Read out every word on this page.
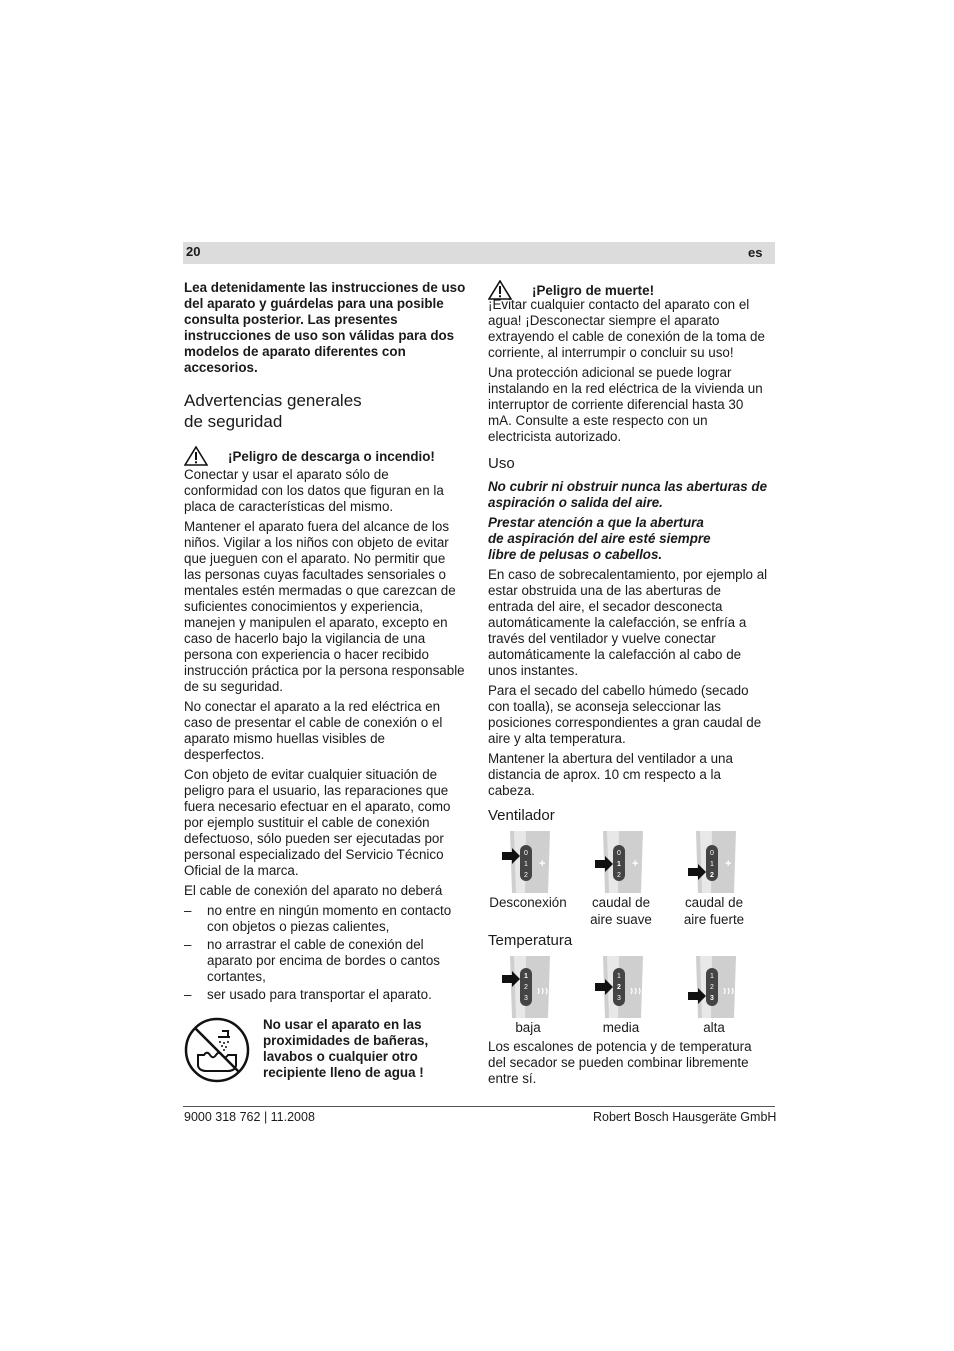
20	es

Lea detenidamente las instrucciones de uso del aparato y guárdelas para una posible consulta posterior. Las presentes instrucciones de uso son válidas para dos modelos de aparato diferentes con accesorios.

Advertencias generales
de seguridad
¡Peligro de descarga o incendio!

Conectar y usar el aparato sólo de conformidad con los datos que figuran en la placa de características del mismo.

Mantener el aparato fuera del alcance de los niños. Vigilar a los niños con objeto de evitar que jueguen con el aparato. No permitir que las personas cuyas facultades sensoriales o mentales estén mermadas o que carezcan de suficientes conocimientos y experiencia, manejen y manipulen el aparato, excepto en caso de hacerlo bajo la vigilancia de una persona con experiencia o hacer recibido instrucción práctica por la persona responsable de su seguridad.

No conectar el aparato a la red eléctrica en caso de presentar el cable de conexión o el aparato mismo huellas visibles de desperfectos.

Con objeto de evitar cualquier situación de peligro para el usuario, las reparaciones que fuera necesario efectuar en el aparato, como por ejemplo sustituir el cable de conexión defectuoso, sólo pueden ser ejecutadas por personal especializado del Servicio Técnico Oficial de la marca.

El cable de conexión del aparato no deberá

– no entre en ningún momento en contacto con objetos o piezas calientes,
– no arrastrar el cable de conexión del aparato por encima de bordes o cantos cortantes,
– ser usado para transportar el aparato.
No usar el aparato en las proximidades de bañeras, lavabos o cualquier otro recipiente lleno de agua !
¡Peligro de muerte!

¡Evitar cualquier contacto del aparato con el agua! ¡Desconectar siempre el aparato extrayendo el cable de conexión de la toma de corriente, al interrumpir o concluir su uso!

Una protección adicional se puede lograr instalando en la red eléctrica de la vivienda un interruptor de corriente diferencial hasta 30 mA. Consulte a este respecto con un electricista autorizado.

Uso

No cubrir ni obstruir nunca las aberturas de aspiración o salida del aire.

Prestar atención a que la abertura de aspiración del aire esté siempre libre de pelusas o cabellos.

En caso de sobrecalentamiento, por ejemplo al estar obstruida una de las aberturas de entrada del aire, el secador desconecta automáticamente la calefacción, se enfría a través del ventilador y vuelve conectar automáticamente la calefacción al cabo de unos instantes.

Para el secado del cabello húmedo (secado con toalla), se aconseja seleccionar las posiciones correspondientes a gran caudal de aire y alta temperatura.

Mantener la abertura del ventilador a una distancia de aprox. 10 cm respecto a la cabeza.

Ventilador
0
1
2
+
Desconexión
0
1
2
+
caudal de aire suave
0
1
2
+
caudal de aire fuerte
Temperatura
1
2
3
baja
1
2
3
media
1
2
3
alta

Los escalones de potencia y de temperatura del secador se pueden combinar libremente entre sí.

9000 318 762 | 11.2008	Robert Bosch Hausgeräte GmbH
